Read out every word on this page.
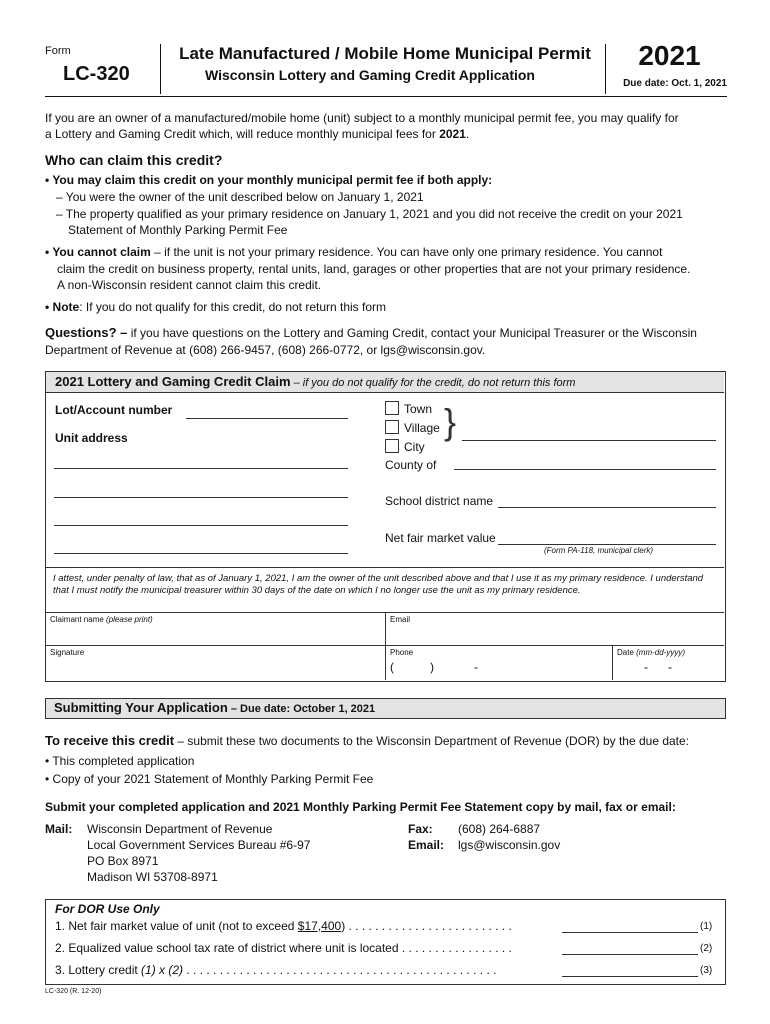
Form
LC-320
Late Manufactured / Mobile Home Municipal Permit
Wisconsin Lottery and Gaming Credit Application
2021
Due date: Oct. 1, 2021
If you are an owner of a manufactured/mobile home (unit) subject to a monthly municipal permit fee, you may qualify for
a Lottery and Gaming Credit which, will reduce monthly municipal fees for 2021.
Who can claim this credit?
• You may claim this credit on your monthly municipal permit fee if both apply:
– You were the owner of the unit described below on January 1, 2021
– The property qualified as your primary residence on January 1, 2021 and you did not receive the credit on your 2021
Statement of Monthly Parking Permit Fee
• You cannot claim – if the unit is not your primary residence. You can have only one primary residence. You cannot
claim the credit on business property, rental units, land, garages or other properties that are not your primary residence.
A non-Wisconsin resident cannot claim this credit.
• Note: If you do not qualify for this credit, do not return this form
Questions? – if you have questions on the Lottery and Gaming Credit, contact your Municipal Treasurer or the Wisconsin
Department of Revenue at (608) 266-9457, (608) 266-0772, or lgs@wisconsin.gov.
2021 Lottery and Gaming Credit Claim – if you do not qualify for the credit, do not return this form
Lot/Account number
Unit address
Town
Village
City
}
County of
School district name
Net fair market value
(Form PA-118, municipal clerk)
I attest, under penalty of law, that as of January 1, 2021, I am the owner of the unit described above and that I use it as my primary residence. I understand that I must notify the municipal treasurer within 30 days of the date on which I no longer use the unit as my primary residence.
Claimant name (please print)	Email
Signature	Phone
(	)	-
Date (mm-dd-yyyy)
- -
Submitting Your Application – Due date: October 1, 2021
To receive this credit – submit these two documents to the Wisconsin Department of Revenue (DOR) by the due date:
• This completed application
• Copy of your 2021 Statement of Monthly Parking Permit Fee
Submit your completed application and 2021 Monthly Parking Permit Fee Statement copy by mail, fax or email:
Mail: Wisconsin Department of Revenue
Local Government Services Bureau #6-97
PO Box 8971
Madison WI 53708-8971
Fax: (608) 264-6887
Email: lgs@wisconsin.gov
For DOR Use Only
1. Net fair market value of unit (not to exceed $17,400) . . . . . . . . . . . . . . . . . . . . . . . . .	(1)
2. Equalized value school tax rate of district where unit is located . . . . . . . . . . . . . . . . .	(2)
3. Lottery credit (1) x (2) . . . . . . . . . . . . . . . . . . . . . . . . . . . . . . . . . . . . . . . . . . . . . . .	(3)
LC-320 (R. 12-20)
